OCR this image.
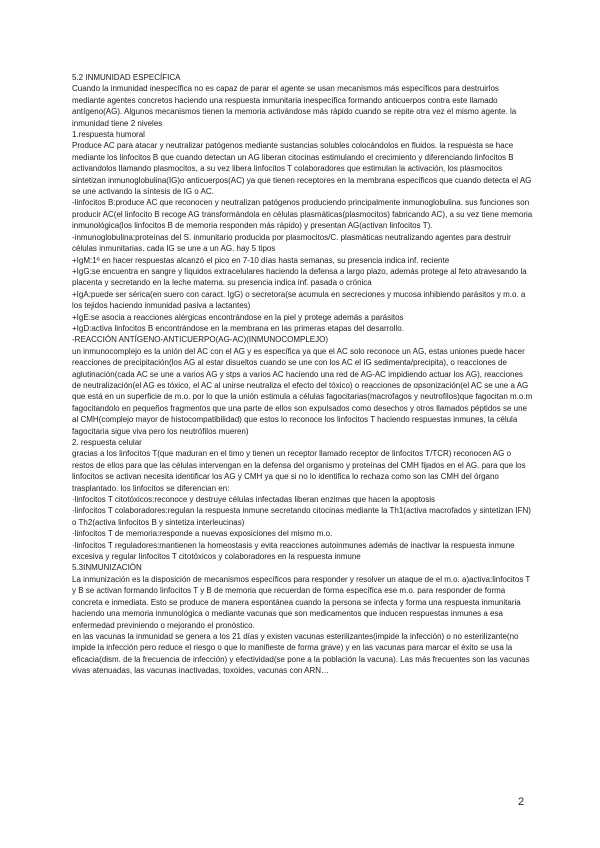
5.2 INMUNIDAD ESPECÍFICA

Cuando la inmunidad inespecífica no es capaz de parar el agente se usan mecanismos más específicos para destruirlos mediante agentes concretos haciendo una respuesta inmunitaria inespecífica formando anticuerpos contra este llamado antígeno(AG). Algunos mecanismos tienen la memoria activándose más rápido cuando se repite otra vez el mismo agente. la inmunidad tiene 2 niveles

1.respuesta humoral

Produce AC para atacar y neutralizar patógenos mediante sustancias solubles colocándolos en fluidos. la respuesta se hace mediante los linfocitos B que cuando detectan un AG liberan citocinas estimulando el crecimiento y diferenciando linfocitos B activandolos llamando plasmocitos, a su vez libera linfocitos T colaboradores que estimulan la activación, los plasmocitos sintetizan inmunoglobulina(IG)o anticuerpos(AC) ya que tienen receptores en la membrana específicos que cuando detecta el AG se une activando la síntesis de IG o AC.

-linfocitos B:produce AC que reconocen y neutralizan patógenos produciendo principalmente inmunoglobulina. sus funciones son producir AC(el linfocito B recoge AG transformándola en células plasmáticas(plasmocitos) fabricando AC), a su vez tiene memoria inmunológica(los linfocitos B de memoria responden más rápido) y presentan AG(activan linfocitos T).

-inmunoglobulina:proteínas del S. inmunitario producida por plasmocitos/C. plasmáticas neutralizando agentes para destruir células inmunitarias. cada IG se une a un AG. hay 5 tipos

+IgM:1º en hacer respuestas alcanzó el pico en 7-10 días hasta semanas, su presencia indica inf. reciente

+IgG:se encuentra en sangre y líquidos extracelulares haciendo la defensa a largo plazo, además protege al feto atravesando la placenta y secretando en la leche materna. su presencia indica inf. pasada o crónica

+IgA:puede ser sérica(en suero con caract. IgG) o secretora(se acumula en secreciones y mucosa inhibiendo parásitos y m.o. a los tejidos haciendo inmunidad pasiva a lactantes)

+IgE:se asocia a reacciones alérgicas encontrándose en la piel y protege además a parásitos

+IgD:activa linfocitos B encontrándose en la membrana en las primeras etapas del desarrollo.

-REACCIÓN ANTÍGENO-ANTICUERPO(AG-AC)(INMUNOCOMPLEJO)

un inmunocomplejo es la unión del AC con el AG y es específica ya que el AC solo reconoce un AG, estas uniones puede hacer reacciones de precipitación(los AG al estar disueltos cuando se une con los AC el IG sedimenta/precipita), o reacciones de aglutinación(cada AC se une a varios AG y stps a varios AC haciendo una red de AG-AC impidiendo actuar los AG), reacciones de neutralización(el AG es tóxico, el AC al unirse neutraliza el efecto del tóxico) o reacciones de opsonización(el AC se une a AG que está en un superficie de m.o. por lo que la unión estimula a células fagocitarias(macrofagos y neutrofilos)que fagocitan m.o.m fagocitandolo en pequeños fragmentos que una parte de ellos son expulsados como desechos y otros llamados péptidos se une al CMH(complejo mayor de histocompatibilidad) que estos lo reconoce los linfocitos T haciendo respuestas inmunes, la célula fagocitaria sigue viva pero los neutrófilos mueren)

2. respuesta celular

gracias a los linfocitos T(que maduran en el timo y tienen un receptor llamado receptor de linfocitos T/TCR) reconocen AG o restos de ellos para que las células intervengan en la defensa del organismo y proteínas del CMH fijados en el AG. para que los linfocitos se activan necesita identificar los AG y CMH ya que si no lo identifica lo rechaza como son las CMH del órgano trasplantado. los linfocitos se diferencian en:

·linfocitos T citotóxicos:reconoce y destruye células infectadas liberan enzimas que hacen la apoptosis

·linfocitos T colaboradores:regulan la respuesta inmune secretando citocinas mediante la Th1(activa macrofados y sintetizan IFN) o Th2(activa linfocitos B y sintetiza interleucinas)

·linfocitos T de memoria:responde a nuevas exposiciones del mismo m.o.

·linfocitos T reguladores:mantienen la homeostasis y evita reacciones autoinmunes además de inactivar la respuesta inmune excesiva y regular linfocitos T citotóxicos y colaboradores en la respuesta inmune

5.3INMUNIZACIÓN

La inmunización es la disposición de mecanismos específicos para responder y resolver un ataque de el m.o. a)activa:linfocitos T y B se activan formando linfocitos T y B de memoria que recuerdan de forma específica ese m.o. para responder de forma concreta e inmediata. Esto se produce de manera espontánea cuando la persona se infecta y forma una respuesta inmunitaria haciendo una memoria inmunológica o mediante vacunas que son medicamentos que inducen respuestas inmunes a esa enfermedad previniendo o mejorando el pronóstico.

en las vacunas la inmunidad se genera a los 21 días y existen vacunas esterilizantes(impide la infección) o no esterilizante(no impide la infección pero reduce el riesgo o que lo manifieste de forma grave) y en las vacunas para marcar el éxito se usa la eficacia(dism. de la frecuencia de infección) y efectividad(se pone a la población la vacuna). Las más frecuentes son las vacunas vivas atenuadas, las vacunas inactivadas, toxoides, vacunas con ARN…

2
